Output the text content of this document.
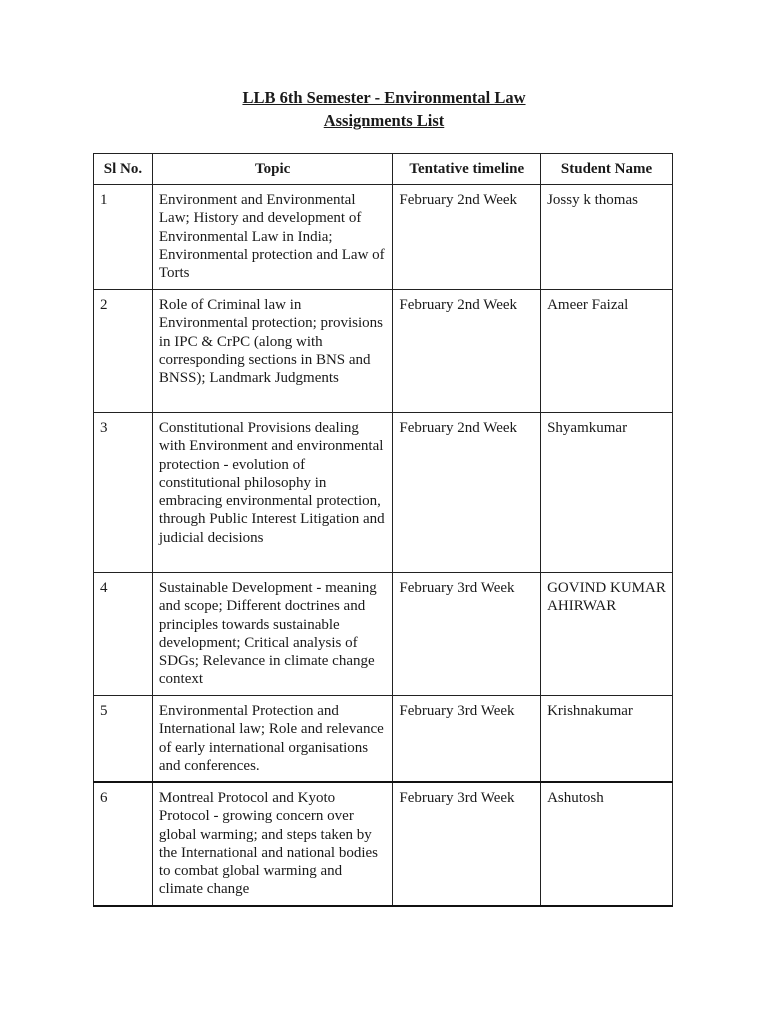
LLB 6th Semester - Environmental Law
Assignments List
Sl No.	Topic	Tentative timeline	Student Name

1	Environment and Environmental Law; History and development of Environmental Law in India; Environmental protection and Law of Torts	February 2nd Week	Jossy k thomas

2	Role of Criminal law in Environmental protection; provisions in IPC & CrPC (along with corresponding sections in BNS and BNSS); Landmark Judgments	February 2nd Week	Ameer Faizal

3	Constitutional Provisions dealing with Environment and environmental protection - evolution of constitutional philosophy in embracing environmental protection, through Public Interest Litigation and judicial decisions	February 2nd Week	Shyamkumar

4	Sustainable Development - meaning and scope; Different doctrines and principles towards sustainable development; Critical analysis of SDGs; Relevance in climate change context	February 3rd Week	GOVIND KUMAR AHIRWAR

5	Environmental Protection and International law; Role and relevance of early international organisations and conferences.	February 3rd Week	Krishnakumar

6	Montreal Protocol and Kyoto Protocol - growing concern over global warming; and steps taken by the International and national bodies to combat global warming and climate change	February 3rd Week	Ashutosh
